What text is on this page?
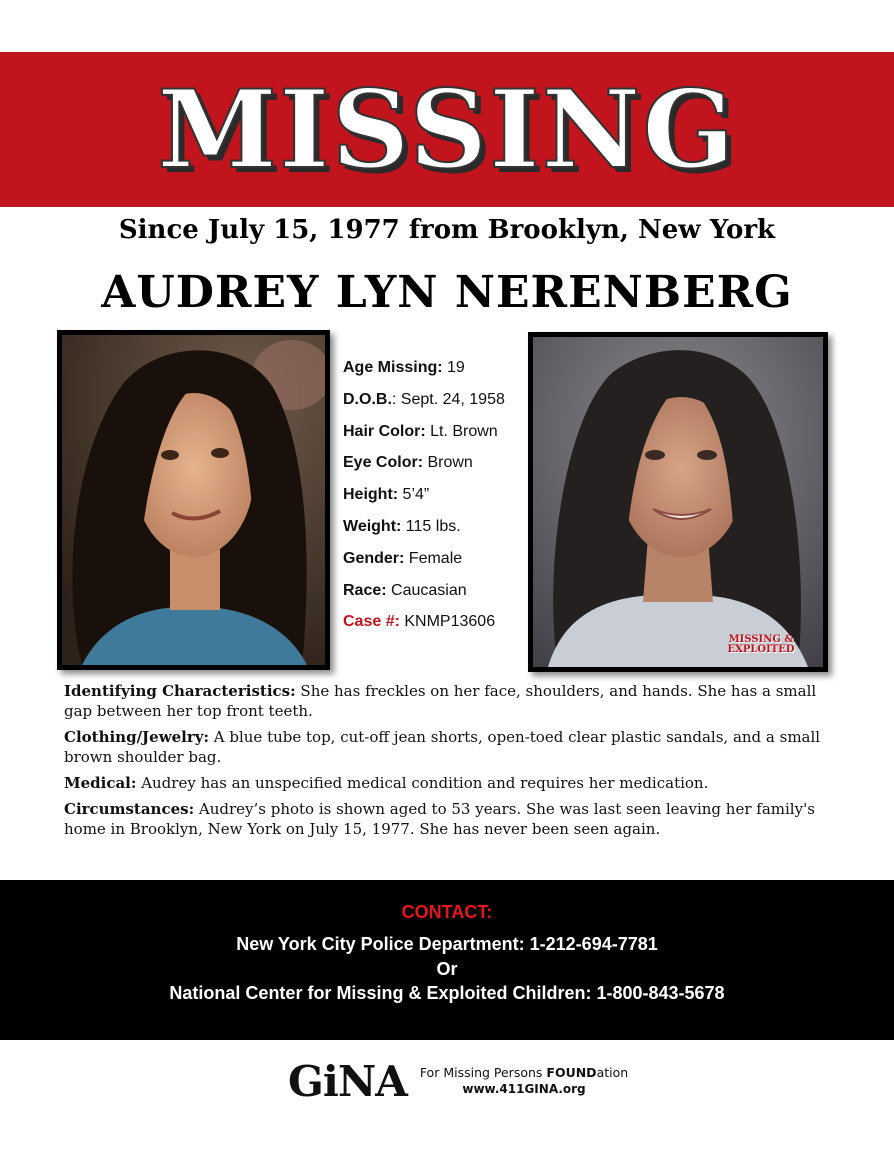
MISSING
Since July 15, 1977 from Brooklyn, New York
AUDREY LYN NERENBERG
Age Missing: 19
D.O.B.: Sept. 24, 1958
Hair Color: Lt. Brown
Eye Color: Brown
Height: 5’4”
Weight: 115 lbs.
Gender: Female
Race: Caucasian
Case #: KNMP13606
MISSING &
EXPLOITED

Identifying Characteristics: She has freckles on her face, shoulders, and hands. She has a small gap between her top front teeth.

Clothing/Jewelry: A blue tube top, cut-off jean shorts, open-toed clear plastic sandals, and a small brown shoulder bag.

Medical: Audrey has an unspecified medical condition and requires her medication.

Circumstances: Audrey’s photo is shown aged to 53 years. She was last seen leaving her family's home in Brooklyn, New York on July 15, 1977. She has never been seen again.

CONTACT:
New York City Police Department: 1-212-694-7781
Or
National Center for Missing & Exploited Children: 1-800-843-5678
GiNA	For Missing Persons FOUNDation
www.411GINA.org
